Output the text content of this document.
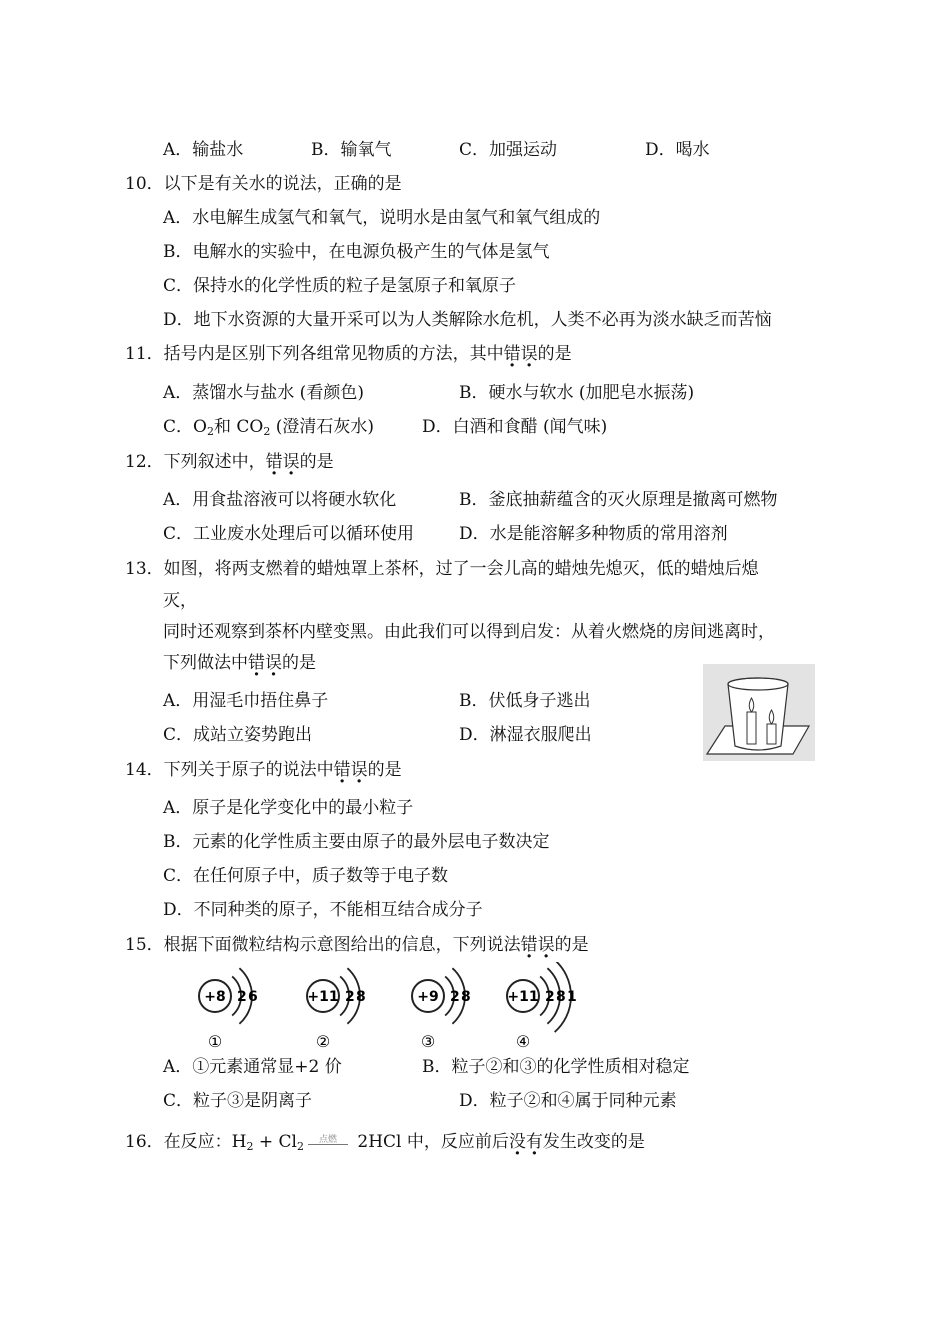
A．输盐水	B．输氧气	C．加强运动	D．喝水
10．以下是有关水的说法，正确的是
A．水电解生成氢气和氧气，说明水是由氢气和氧气组成的
B．电解水的实验中，在电源负极产生的气体是氢气
C．保持水的化学性质的粒子是氢原子和氧原子
D．地下水资源的大量开采可以为人类解除水危机，人类不必再为淡水缺乏而苦恼
11．括号内是区别下列各组常见物质的方法，其中错误的是
A．蒸馏水与盐水 (看颜色)	B．硬水与软水 (加肥皂水振荡)
C．$O_2$和 $CO_2$ (澄清石灰水)	D．白酒和食醋 (闻气味)
12．下列叙述中，错误的是
A．用食盐溶液可以将硬水软化	B．釜底抽薪蕴含的灭火原理是撤离可燃物
C．工业废水处理后可以循环使用	D．水是能溶解多种物质的常用溶剂
13．如图，将两支燃着的蜡烛罩上茶杯，过了一会儿高的蜡烛先熄灭，低的蜡烛后熄
灭，
同时还观察到茶杯内壁变黑。由此我们可以得到启发：从着火燃烧的房间逃离时，
下列做法中错误的是
A．用湿毛巾捂住鼻子	B．伏低身子逃出
C．成站立姿势跑出	D．淋湿衣服爬出
14．下列关于原子的说法中错误的是
A．原子是化学变化中的最小粒子
B．元素的化学性质主要由原子的最外层电子数决定
C．在任何原子中，质子数等于电子数
D．不同种类的原子，不能相互结合成分子
15．根据下面微粒结构示意图给出的信息，下列说法错误的是
+8 2 6
①
+11 2 8
②
+9 2 8
③
+11 2 8 1
④
A．①元素通常显+2 价	B．粒子②和③的化学性质相对稳定
C．粒子③是阴离子	D．粒子②和④属于同种元素
16．在反应：$H_2 + Cl_2$
点燃 2HCl 中，反应前后没有发生改变的是
